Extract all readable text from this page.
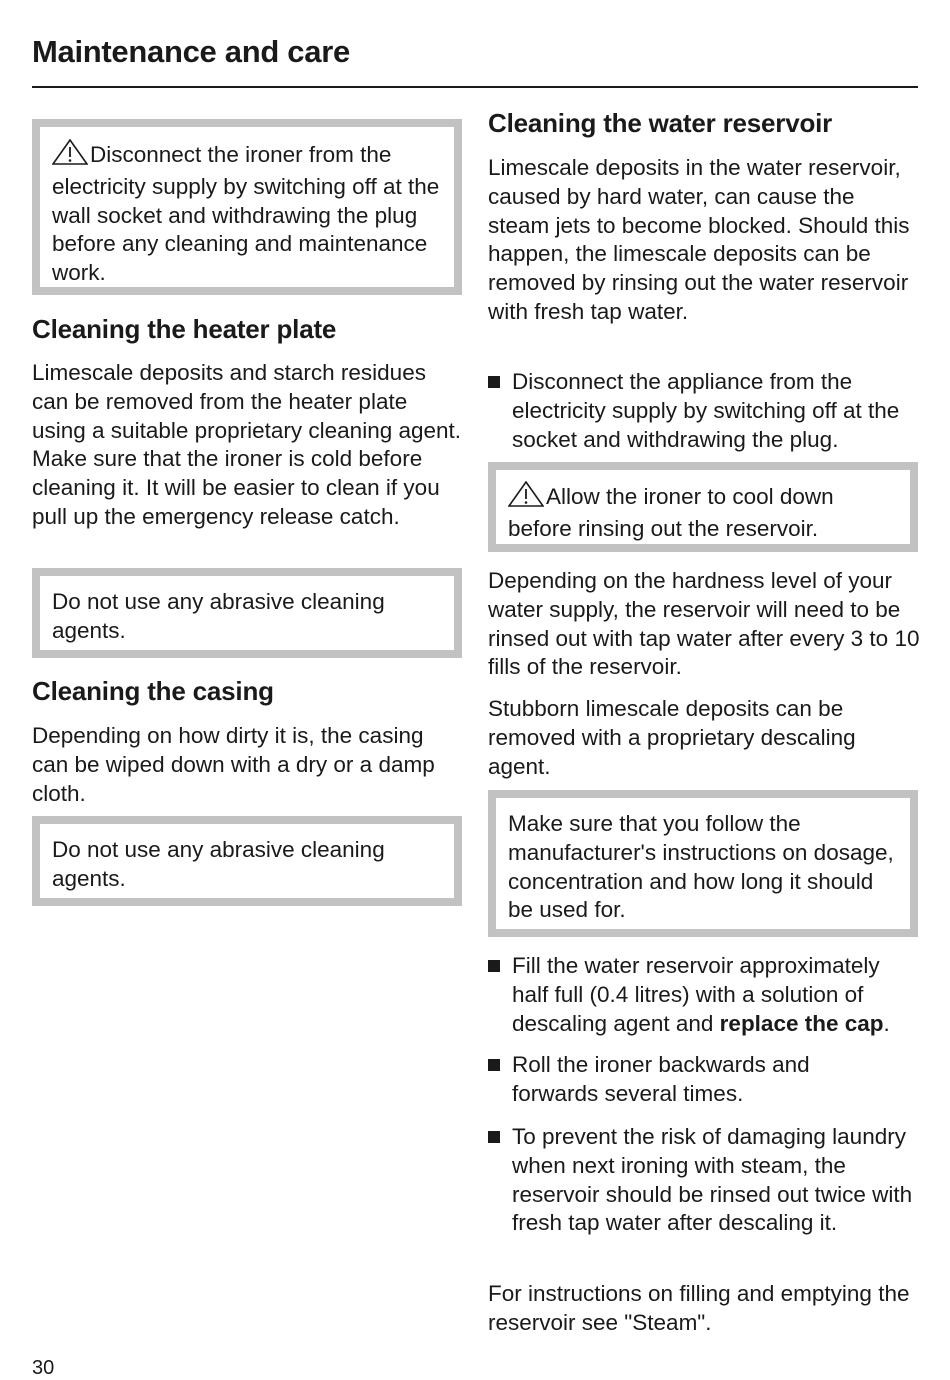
Maintenance and care

Disconnect the ironer from the electricity supply by switching off at the wall socket and withdrawing the plug before any cleaning and maintenance work.

Cleaning the heater plate

Limescale deposits and starch residues can be removed from the heater plate using a suitable proprietary cleaning agent. Make sure that the ironer is cold before cleaning it. It will be easier to clean if you pull up the emergency release catch.

Do not use any abrasive cleaning agents.

Cleaning the casing

Depending on how dirty it is, the casing can be wiped down with a dry or a damp cloth.

Do not use any abrasive cleaning agents.

Cleaning the water reservoir

Limescale deposits in the water reservoir, caused by hard water, can cause the steam jets to become blocked. Should this happen, the limescale deposits can be removed by rinsing out the water reservoir with fresh tap water.

Disconnect the appliance from the electricity supply by switching off at the socket and withdrawing the plug.

Allow the ironer to cool down before rinsing out the reservoir.

Depending on the hardness level of your water supply, the reservoir will need to be rinsed out with tap water after every 3 to 10 fills of the reservoir.

Stubborn limescale deposits can be removed with a proprietary descaling agent.

Make sure that you follow the manufacturer's instructions on dosage, concentration and how long it should be used for.

Fill the water reservoir approximately half full (0.4 litres) with a solution of descaling agent and replace the cap.

Roll the ironer backwards and forwards several times.

To prevent the risk of damaging laundry when next ironing with steam, the reservoir should be rinsed out twice with fresh tap water after descaling it.

For instructions on filling and emptying the reservoir see "Steam".

30
